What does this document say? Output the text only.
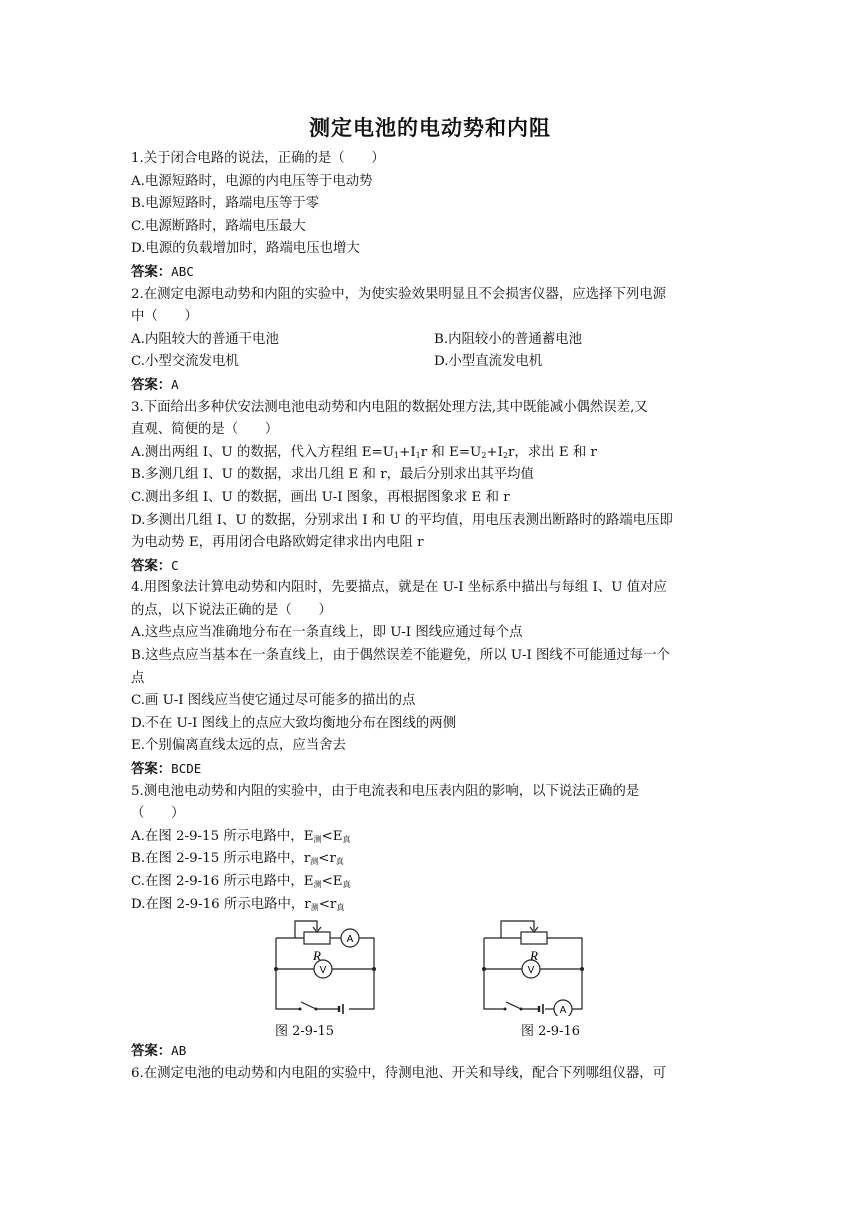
测定电池的电动势和内阻
1.关于闭合电路的说法，正确的是（　　）
A.电源短路时，电源的内电压等于电动势
B.电源短路时，路端电压等于零
C.电源断路时，路端电压最大
D.电源的负载增加时，路端电压也增大
答案：ABC
2.在测定电源电动势和内阻的实验中，为使实验效果明显且不会损害仪器，应选择下列电源
中（　　）
A.内阻较大的普通干电池	B.内阻较小的普通蓄电池
C.小型交流发电机	D.小型直流发电机
答案：A
3.下面给出多种伏安法测电池电动势和内电阻的数据处理方法,其中既能减小偶然误差,又
直观、简便的是（　　）
A.测出两组 I、U 的数据，代入方程组 $E=U_1+I_1r$ 和 $E=U_2+I_2r$，求出 E 和 r
B.多测几组 I、U 的数据，求出几组 E 和 r，最后分别求出其平均值
C.测出多组 I、U 的数据，画出 U-I 图象，再根据图象求 E 和 r
D.多测出几组 I、U 的数据，分别求出 I 和 U 的平均值，用电压表测出断路时的路端电压即
为电动势 E，再用闭合电路欧姆定律求出内电阻 r
答案：C
4.用图象法计算电动势和内阻时，先要描点，就是在 U-I 坐标系中描出与每组 I、U 值对应
的点，以下说法正确的是（　　）
A.这些点应当准确地分布在一条直线上，即 U-I 图线应通过每个点
B.这些点应当基本在一条直线上，由于偶然误差不能避免，所以 U-I 图线不可能通过每一个
点
C.画 U-I 图线应当使它通过尽可能多的描出的点
D.不在 U-I 图线上的点应大致均衡地分布在图线的两侧
E.个别偏离直线太远的点，应当舍去
答案：BCDE
5.测电池电动势和内阻的实验中，由于电流表和电压表内阻的影响，以下说法正确的是
（　　）
A.在图 2-9-15 所示电路中，$E_测<E_真$
B.在图 2-9-15 所示电路中，$r_测<r_真$
C.在图 2-9-16 所示电路中，$E_测<E_真$
D.在图 2-9-16 所示电路中，$r_测<r_真$
R
A
V
图 2-9-15
R
A
V
图 2-9-16
答案：AB
6.在测定电池的电动势和内电阻的实验中，待测电池、开关和导线，配合下列哪组仪器，可
